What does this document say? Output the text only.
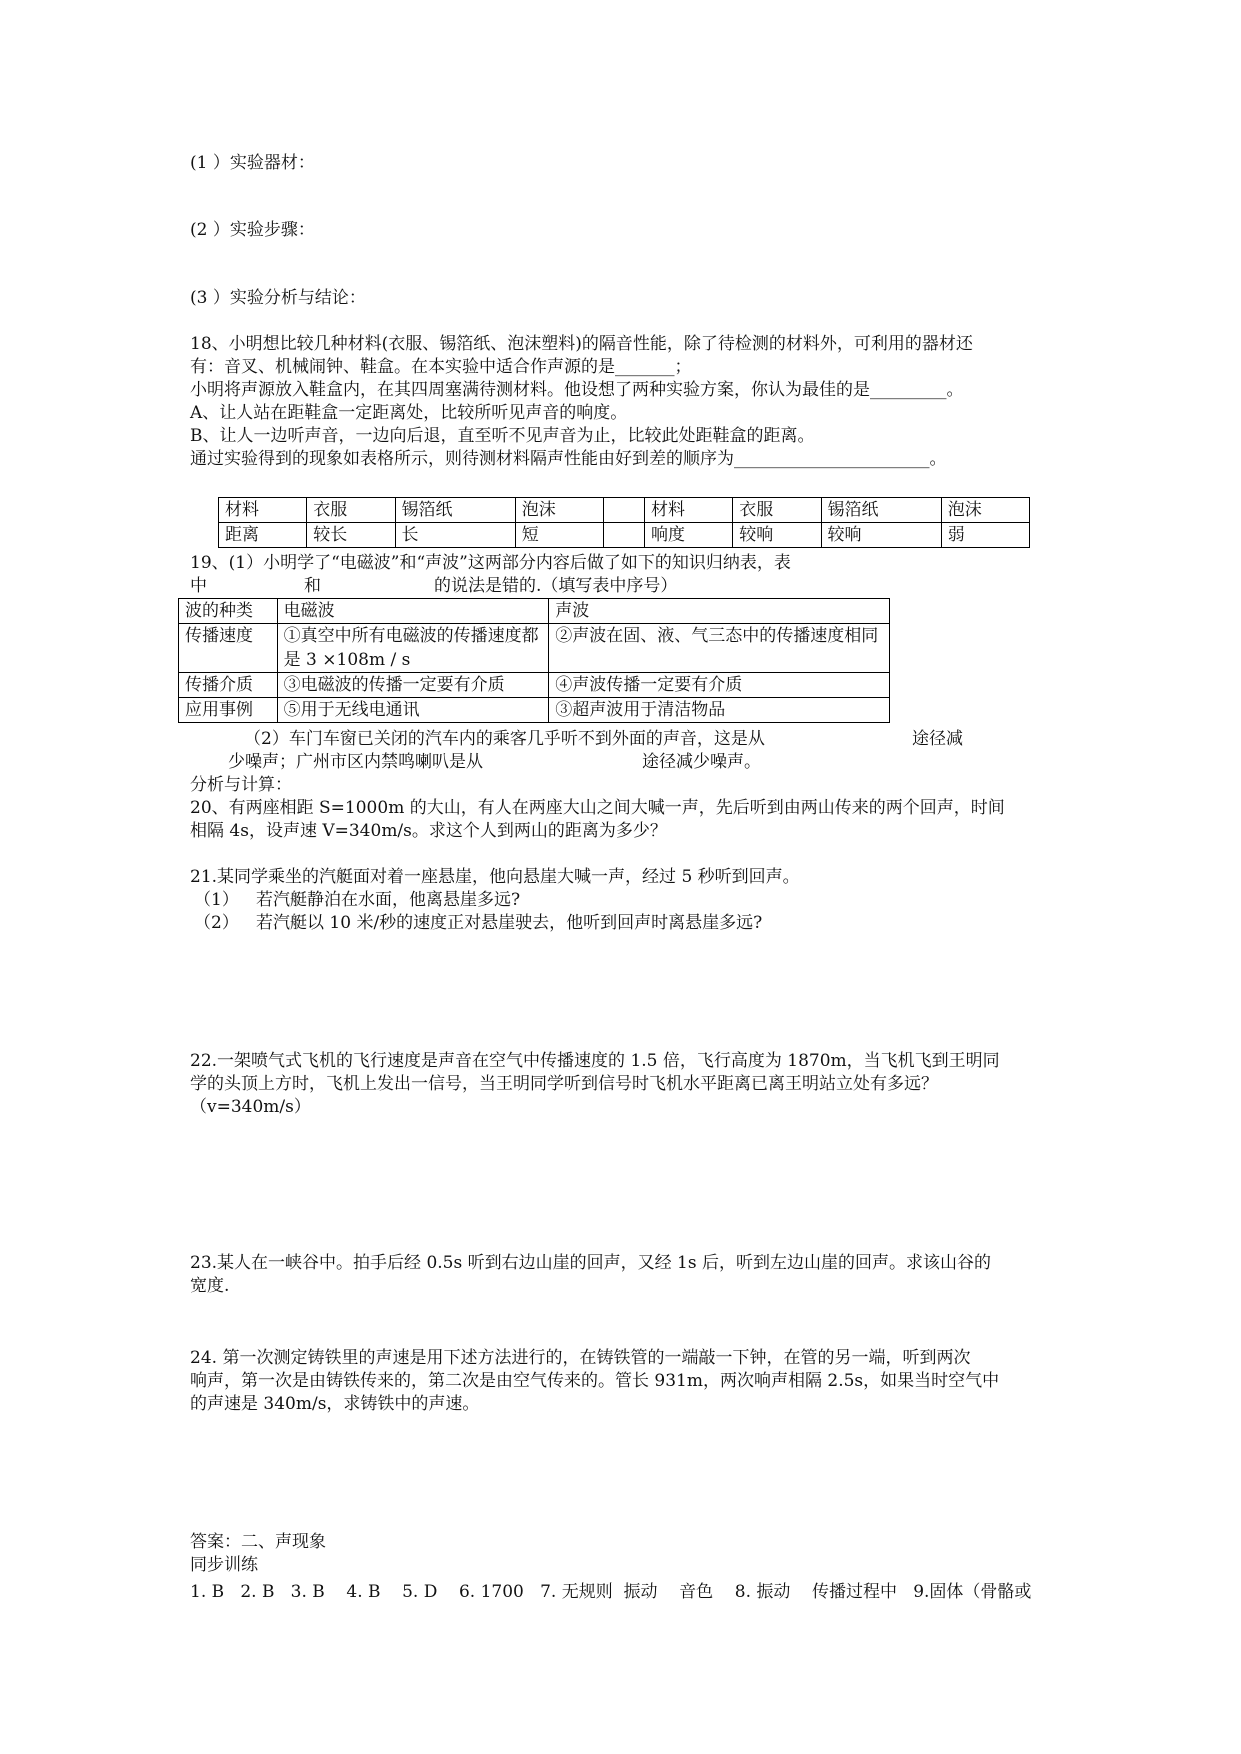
(1 ）实验器材：
(2 ）实验步骤：
(3 ）实验分析与结论：
18、小明想比较几种材料(衣服、锡箔纸、泡沫塑料)的隔音性能，除了待检测的材料外，可利用的器材还
有：音叉、机械闹钟、鞋盒。在本实验中适合作声源的是_______；
小明将声源放入鞋盒内，在其四周塞满待测材料。他设想了两种实验方案，你认为最佳的是_________。
A、让人站在距鞋盒一定距离处，比较所听见声音的响度。
B、让人一边听声音，一边向后退，直至听不见声音为止，比较此处距鞋盒的距离。
通过实验得到的现象如表格所示，则待测材料隔声性能由好到差的顺序为_______________________。
材料	衣服	锡箔纸	泡沫		材料	衣服	锡箔纸	泡沫
距离	较长	长	短		响度	较响	较响	弱
19、(1）小明学了“电磁波”和“声波”这两部分内容后做了如下的知识归纳表，表
中	和	的说法是错的.（填写表中序号）
波的种类	电磁波	声波
传播速度	①真空中所有电磁波的传播速度都是 3 ×108m / s	②声波在固、液、气三态中的传播速度相同
传播介质	③电磁波的传播一定要有介质	④声波传播一定要有介质
应用事例	⑤用于无线电通讯	③超声波用于清洁物品
（2）车门车窗已关闭的汽车内的乘客几乎听不到外面的声音，这是从	途径减
少噪声；广州市区内禁鸣喇叭是从	途径减少噪声。
分析与计算：
20、有两座相距 S=1000m 的大山，有人在两座大山之间大喊一声，先后听到由两山传来的两个回声，时间
相隔 4s，设声速 V=340m/s。求这个人到两山的距离为多少？
21.某同学乘坐的汽艇面对着一座悬崖，他向悬崖大喊一声，经过 5 秒听到回声。
（1） 若汽艇静泊在水面，他离悬崖多远?
（2） 若汽艇以 10 米/秒的速度正对悬崖驶去，他听到回声时离悬崖多远?
22.一架喷气式飞机的飞行速度是声音在空气中传播速度的 1.5 倍，飞行高度为 1870m，当飞机飞到王明同
学的头顶上方时，飞机上发出一信号，当王明同学听到信号时飞机水平距离已离王明站立处有多远？
（v=340m/s）
23.某人在一峡谷中。拍手后经 0.5s 听到右边山崖的回声，又经 1s 后，听到左边山崖的回声。求该山谷的
宽度.
24. 第一次测定铸铁里的声速是用下述方法进行的，在铸铁管的一端敲一下钟，在管的另一端，听到两次
响声，第一次是由铸铁传来的，第二次是由空气传来的。管长 931m，两次响声相隔 2.5s，如果当时空气中
的声速是 340m/s，求铸铁中的声速。
答案：二、声现象
同步训练
1. B   2. B   3. B    4. B    5. D    6. 1700   7. 无规则  振动    音色    8. 振动    传播过程中   9.固体（骨骼或
